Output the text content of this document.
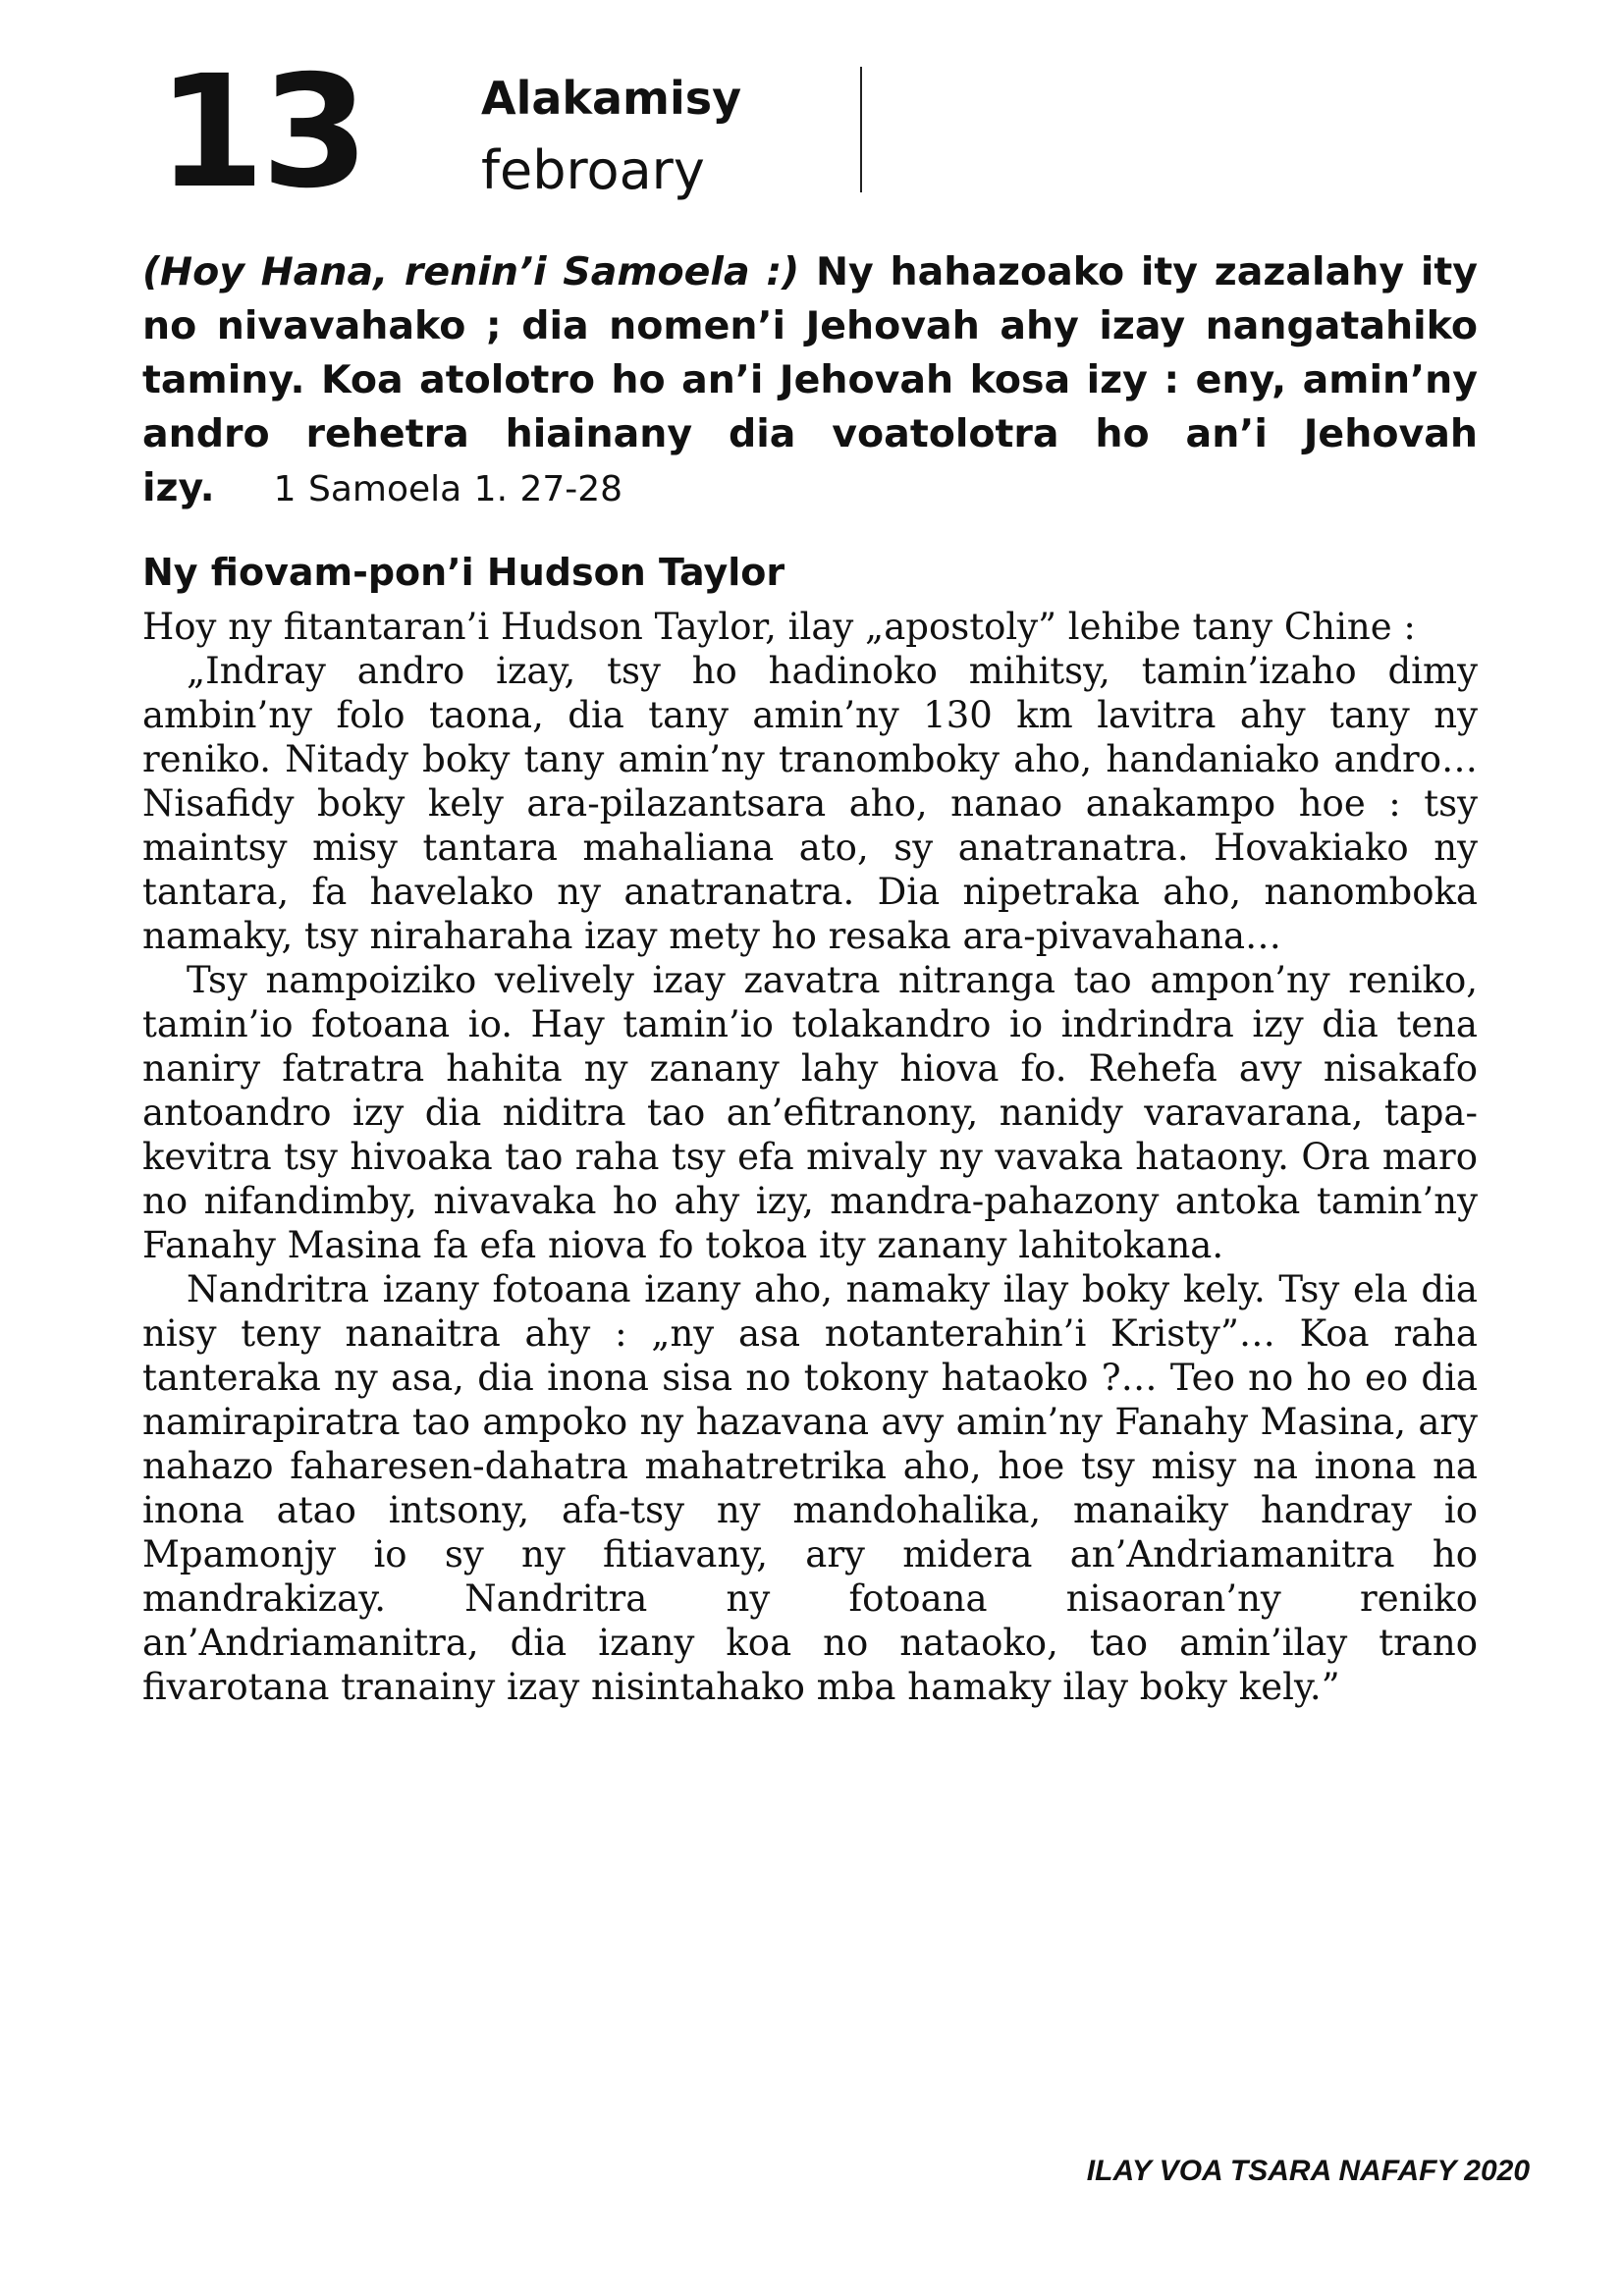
13	Alakamisy
febroary
(Hoy Hana, renin’i Samoela :) Ny hahazoako ity zazalahy ity no nivavahako ; dia nomen’i Jehovah ahy izay nangatahiko taminy. Koa atolotro ho an’i Jehovah kosa izy : eny, amin’ny andro rehetra hiainany dia voatolotra ho an’i Jehovah izy. 1 Samoela 1. 27-28
Ny fiovam-pon’i Hudson Taylor

Hoy ny fitantaran’i Hudson Taylor, ilay „apostoly” lehibe tany Chine :

„Indray andro izay, tsy ho hadinoko mihitsy, tamin’izaho dimy ambin’ny folo taona, dia tany amin’ny 130 km lavitra ahy tany ny reniko. Nitady boky tany amin’ny tranomboky aho, handaniako andro… Nisafidy boky kely ara-pilazantsara aho, nanao anakampo hoe : tsy maintsy misy tantara mahaliana ato, sy anatranatra. Hovakiako ny tantara, fa havelako ny anatranatra. Dia nipetraka aho, nanomboka namaky, tsy niraharaha izay mety ho resaka ara-pivavahana…

Tsy nampoiziko velively izay zavatra nitranga tao ampon’ny reniko, tamin’io fotoana io. Hay tamin’io tolakandro io indrindra izy dia tena naniry fatratra hahita ny zanany lahy hiova fo. Rehefa avy nisakafo antoandro izy dia niditra tao an’efitranony, nanidy varavarana, tapa-kevitra tsy hivoaka tao raha tsy efa mivaly ny vavaka hataony. Ora maro no nifandimby, nivavaka ho ahy izy, mandra-pahazony antoka tamin’ny Fanahy Masina fa efa niova fo tokoa ity zanany lahitokana.

Nandritra izany fotoana izany aho, namaky ilay boky kely. Tsy ela dia nisy teny nanaitra ahy : „ny asa notanterahin’i Kristy”… Koa raha tanteraka ny asa, dia inona sisa no tokony hataoko ?… Teo no ho eo dia namirapiratra tao ampoko ny hazavana avy amin’ny Fanahy Masina, ary nahazo faharesen-dahatra mahatretrika aho, hoe tsy misy na inona na inona atao intsony, afa-tsy ny mandohalika, manaiky handray io Mpamonjy io sy ny fitiavany, ary midera an’Andriamanitra ho mandrakizay. Nandritra ny fotoana nisaoran’ny reniko an’Andriamanitra, dia izany koa no nataoko, tao amin’ilay trano fivarotana tranainy izay nisintahako mba hamaky ilay boky kely.”

ILAY VOA TSARA NAFAFY 2020
